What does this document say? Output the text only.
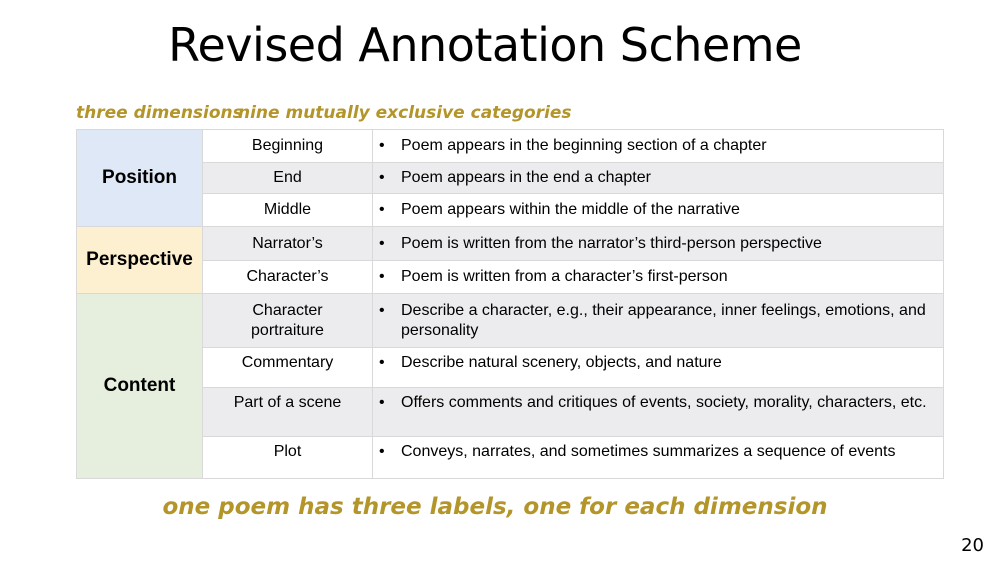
Revised Annotation Scheme
three dimensions
nine mutually exclusive categories
Position	Beginning	• Poem appears in the beginning section of a chapter

	End	• Poem appears in the end a chapter

	Middle	• Poem appears within the middle of the narrative

Perspective	Narrator’s	• Poem is written from the narrator’s third-person perspective

	Character’s	• Poem is written from a character’s first-person

Content	Character portraiture	• Describe a character, e.g., their appearance, inner feelings, emotions, and personality

	Commentary	• Describe natural scenery, objects, and nature

	Part of a scene	• Offers comments and critiques of events, society, morality, characters, etc.

	Plot	• Conveys, narrates, and sometimes summarizes a sequence of events
one poem has three labels, one for each dimension
20
